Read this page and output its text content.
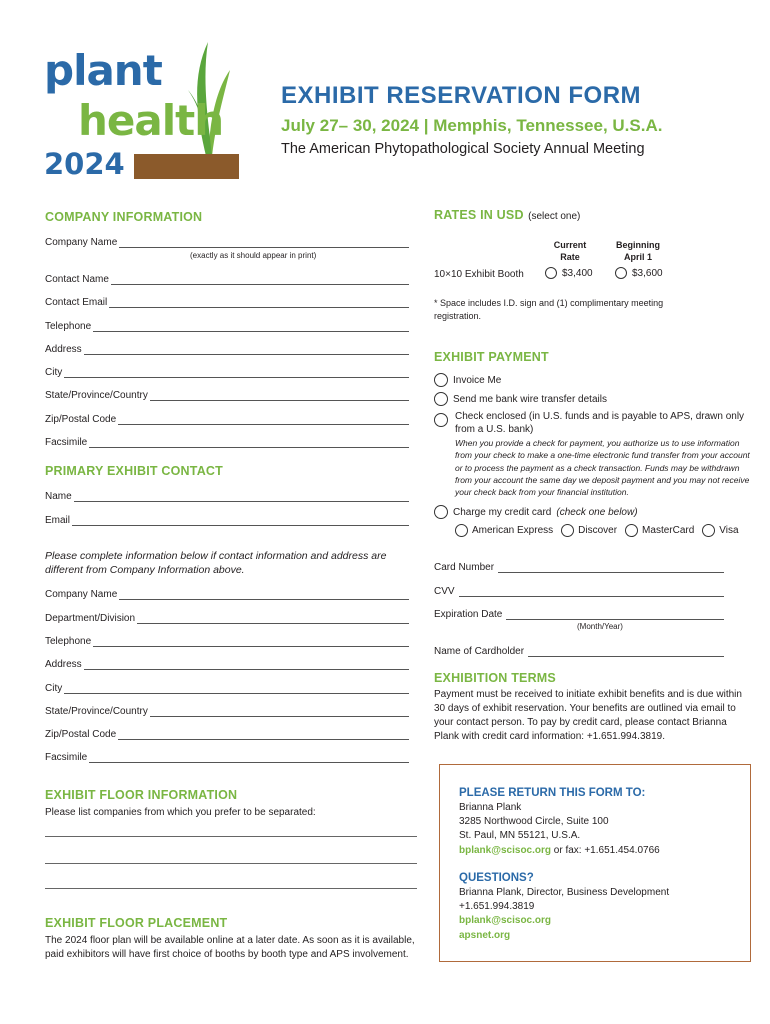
plant
health
2024
EXHIBIT RESERVATION FORM
July 27– 30, 2024 | Memphis, Tennessee, U.S.A.
The American Phytopathological Society Annual Meeting
COMPANY INFORMATION
Company Name
(exactly as it should appear in print)
Contact Name
Contact Email
Telephone
Address
City
State/Province/Country
Zip/Postal Code
Facsimile
PRIMARY EXHIBIT CONTACT
Name
Email
Please complete information below if contact information and address are different from Company Information above.
Company Name
Department/Division
Telephone
Address
City
State/Province/Country
Zip/Postal Code
Facsimile
EXHIBIT FLOOR INFORMATION
Please list companies from which you prefer to be separated:
EXHIBIT FLOOR PLACEMENT
The 2024 floor plan will be available online at a later date. As soon as it is available, paid exhibitors will have first choice of booths by booth type and APS involvement.
RATES IN USD (select one)
Current
Rate
Beginning
April 1
10×10 Exhibit Booth	$3,400	$3,600
* Space includes I.D. sign and (1) complimentary meeting registration.
EXHIBIT PAYMENT
Invoice Me
Send me bank wire transfer details
Check enclosed (in U.S. funds and is payable to APS, drawn only from a U.S. bank)
When you provide a check for payment, you authorize us to use information from your check to make a one-time electronic fund transfer from your account or to process the payment as a check transaction. Funds may be withdrawn from your account the same day we deposit payment and you may not receive your check back from your financial institution.
Charge my credit card (check one below)
American Express	Discover	MasterCard	Visa
Card Number
CVV
Expiration Date
(Month/Year)
Name of Cardholder
EXHIBITION TERMS
Payment must be received to initiate exhibit benefits and is due within 30 days of exhibit reservation. Your benefits are outlined via email to your contact person. To pay by credit card, please contact Brianna Plank with credit card information: +1.651.994.3819.
PLEASE RETURN THIS FORM TO:
Brianna Plank
3285 Northwood Circle, Suite 100
St. Paul, MN 55121, U.S.A.
bplank@scisoc.org or fax: +1.651.454.0766
QUESTIONS?
Brianna Plank, Director, Business Development
+1.651.994.3819
bplank@scisoc.org
apsnet.org
